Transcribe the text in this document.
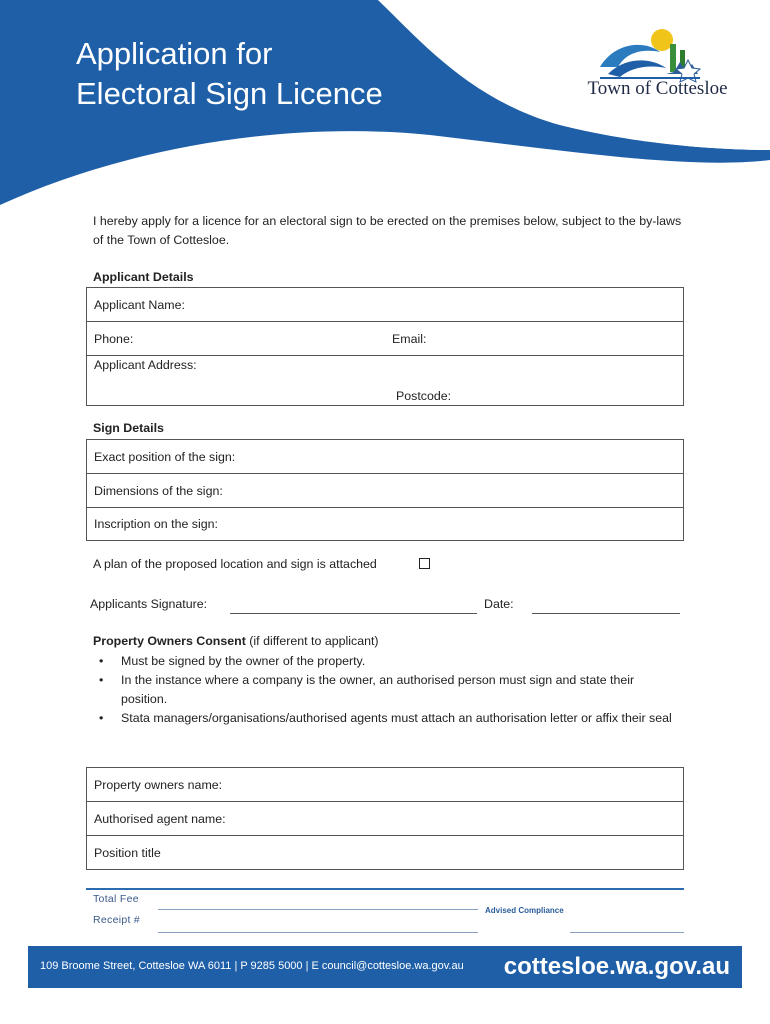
Application for
Electoral Sign Licence	Town of Cottesloe
I hereby apply for a licence for an electoral sign to be erected on the premises below, subject to the by-laws of the Town of Cottesloe.
Applicant Details
Applicant Name:
Phone:	Email:
Applicant Address:
Postcode:
Sign Details
Exact position of the sign:
Dimensions of the sign:
Inscription on the sign:
A plan of the proposed location and sign is attached
Applicants Signature:	Date:
Property Owners Consent (if different to applicant)
• Must be signed by the owner of the property.
• In the instance where a company is the owner, an authorised person must sign and state their position.
• Stata managers/organisations/authorised agents must attach an authorisation letter or affix their seal
Property owners name:
Authorised agent name:
Position title
Total Fee
Receipt #
Advised Compliance
109 Broome Street, Cottesloe WA 6011 | P 9285 5000 | E council@cottesloe.wa.gov.au cottesloe.wa.gov.au
